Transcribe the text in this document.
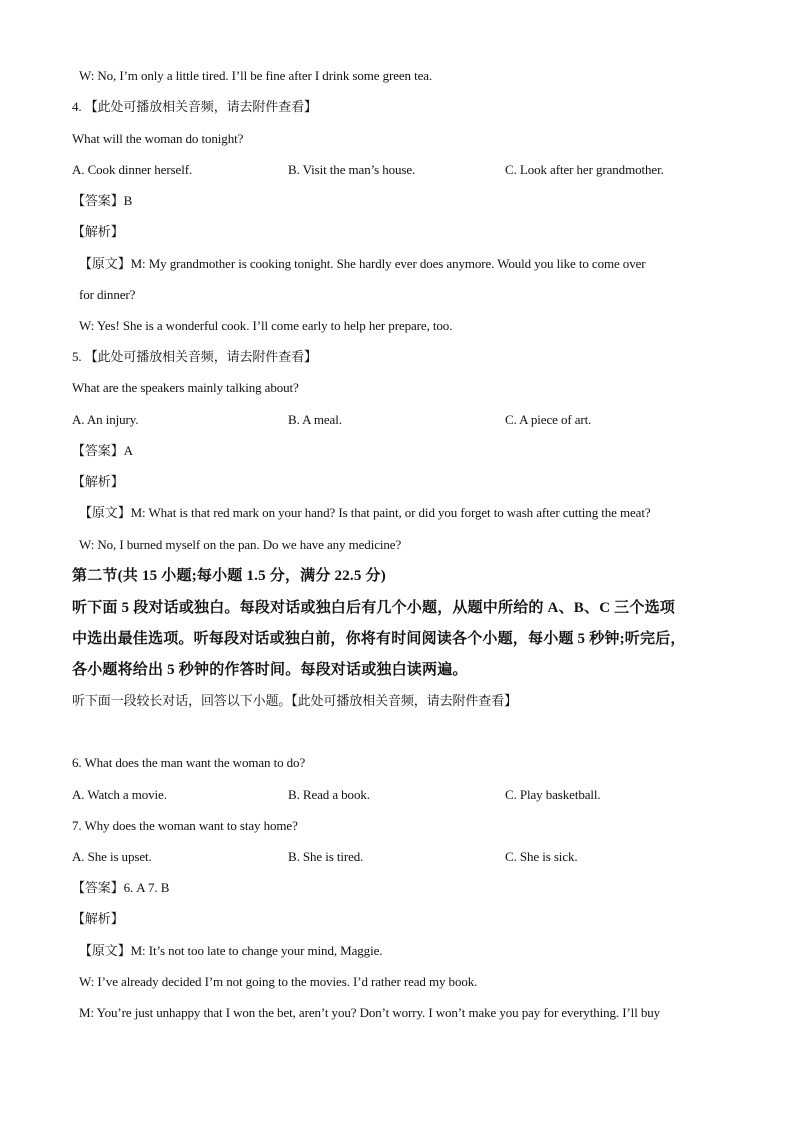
W: No, I’m only a little tired. I’ll be fine after I drink some green tea.
4. 【此处可播放相关音频，请去附件查看】
What will the woman do tonight?
A. Cook dinner herself.	B. Visit the man’s house.	C. Look after her grandmother.
【答案】B
【解析】
【原文】M: My grandmother is cooking tonight. She hardly ever does anymore. Would you like to come over
for dinner?
W: Yes! She is a wonderful cook. I’ll come early to help her prepare, too.
5. 【此处可播放相关音频，请去附件查看】
What are the speakers mainly talking about?
A. An injury.	B. A meal.	C. A piece of art.
【答案】A
【解析】
【原文】M: What is that red mark on your hand? Is that paint, or did you forget to wash after cutting the meat?
W: No, I burned myself on the pan. Do we have any medicine?
第二节(共 15 小题;每小题 1.5 分，满分 22.5 分)
听下面 5 段对话或独白。每段对话或独白后有几个小题，从题中所给的 A、B、C 三个选项
中选出最佳选项。听每段对话或独白前，你将有时间阅读各个小题，每小题 5 秒钟;听完后，
各小题将给出 5 秒钟的作答时间。每段对话或独白读两遍。
听下面一段较长对话，回答以下小题。【此处可播放相关音频，请去附件查看】
6. What does the man want the woman to do?
A. Watch a movie.	B. Read a book.	C. Play basketball.
7. Why does the woman want to stay home?
A. She is upset.	B. She is tired.	C. She is sick.
【答案】6. A 7. B
【解析】
【原文】M: It’s not too late to change your mind, Maggie.
W: I’ve already decided I’m not going to the movies. I’d rather read my book.
M: You’re just unhappy that I won the bet, aren’t you? Don’t worry. I won’t make you pay for everything. I’ll buy
